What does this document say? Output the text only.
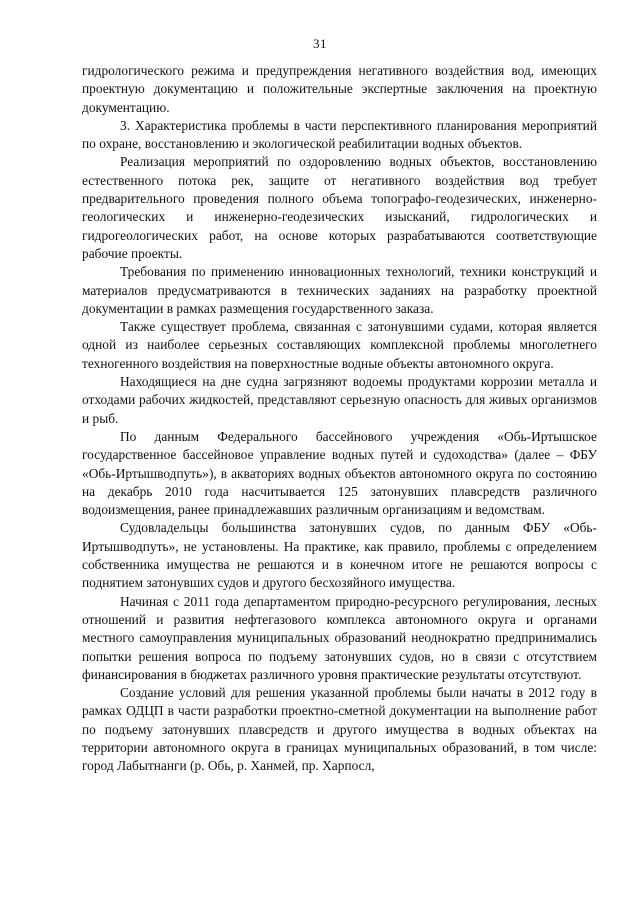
31

гидрологического режима и предупреждения негативного воздействия вод, имеющих проектную документацию и положительные экспертные заключения на проектную документацию.

3. Характеристика проблемы в части перспективного планирования мероприятий по охране, восстановлению и экологической реабилитации водных объектов.

Реализация мероприятий по оздоровлению водных объектов, восстановлению естественного потока рек, защите от негативного воздействия вод требует предварительного проведения полного объема топографо-геодезических, инженерно-геологических и инженерно-геодезических изысканий, гидрологических и гидрогеологических работ, на основе которых разрабатываются соответствующие рабочие проекты.

Требования по применению инновационных технологий, техники конструкций и материалов предусматриваются в технических заданиях на разработку проектной документации в рамках размещения государственного заказа.

Также существует проблема, связанная с затонувшими судами, которая является одной из наиболее серьезных составляющих комплексной проблемы многолетнего техногенного воздействия на поверхностные водные объекты автономного округа.

Находящиеся на дне судна загрязняют водоемы продуктами коррозии металла и отходами рабочих жидкостей, представляют серьезную опасность для живых организмов и рыб.

По данным Федерального бассейнового учреждения «Обь-Иртышское государственное бассейновое управление водных путей и судоходства» (далее – ФБУ «Обь-Иртышводпуть»), в акваториях водных объектов автономного округа по состоянию на декабрь 2010 года насчитывается 125 затонувших плавсредств различного водоизмещения, ранее принадлежавших различным организациям и ведомствам.

Судовладельцы большинства затонувших судов, по данным ФБУ «Обь-Иртышводпуть», не установлены. На практике, как правило, проблемы с определением собственника имущества не решаются и в конечном итоге не решаются вопросы с поднятием затонувших судов и другого бесхозяйного имущества.

Начиная с 2011 года департаментом природно-ресурсного регулирования, лесных отношений и развития нефтегазового комплекса автономного округа и органами местного самоуправления муниципальных образований неоднократно предпринимались попытки решения вопроса по подъему затонувших судов, но в связи с отсутствием финансирования в бюджетах различного уровня практические результаты отсутствуют.

Создание условий для решения указанной проблемы были начаты в 2012 году в рамках ОДЦП в части разработки проектно-сметной документации на выполнение работ по подъему затонувших плавсредств и другого имущества в водных объектах на территории автономного округа в границах муниципальных образований, в том числе: город Лабытнанги (р. Обь, р. Ханмей, пр. Харпосл,
